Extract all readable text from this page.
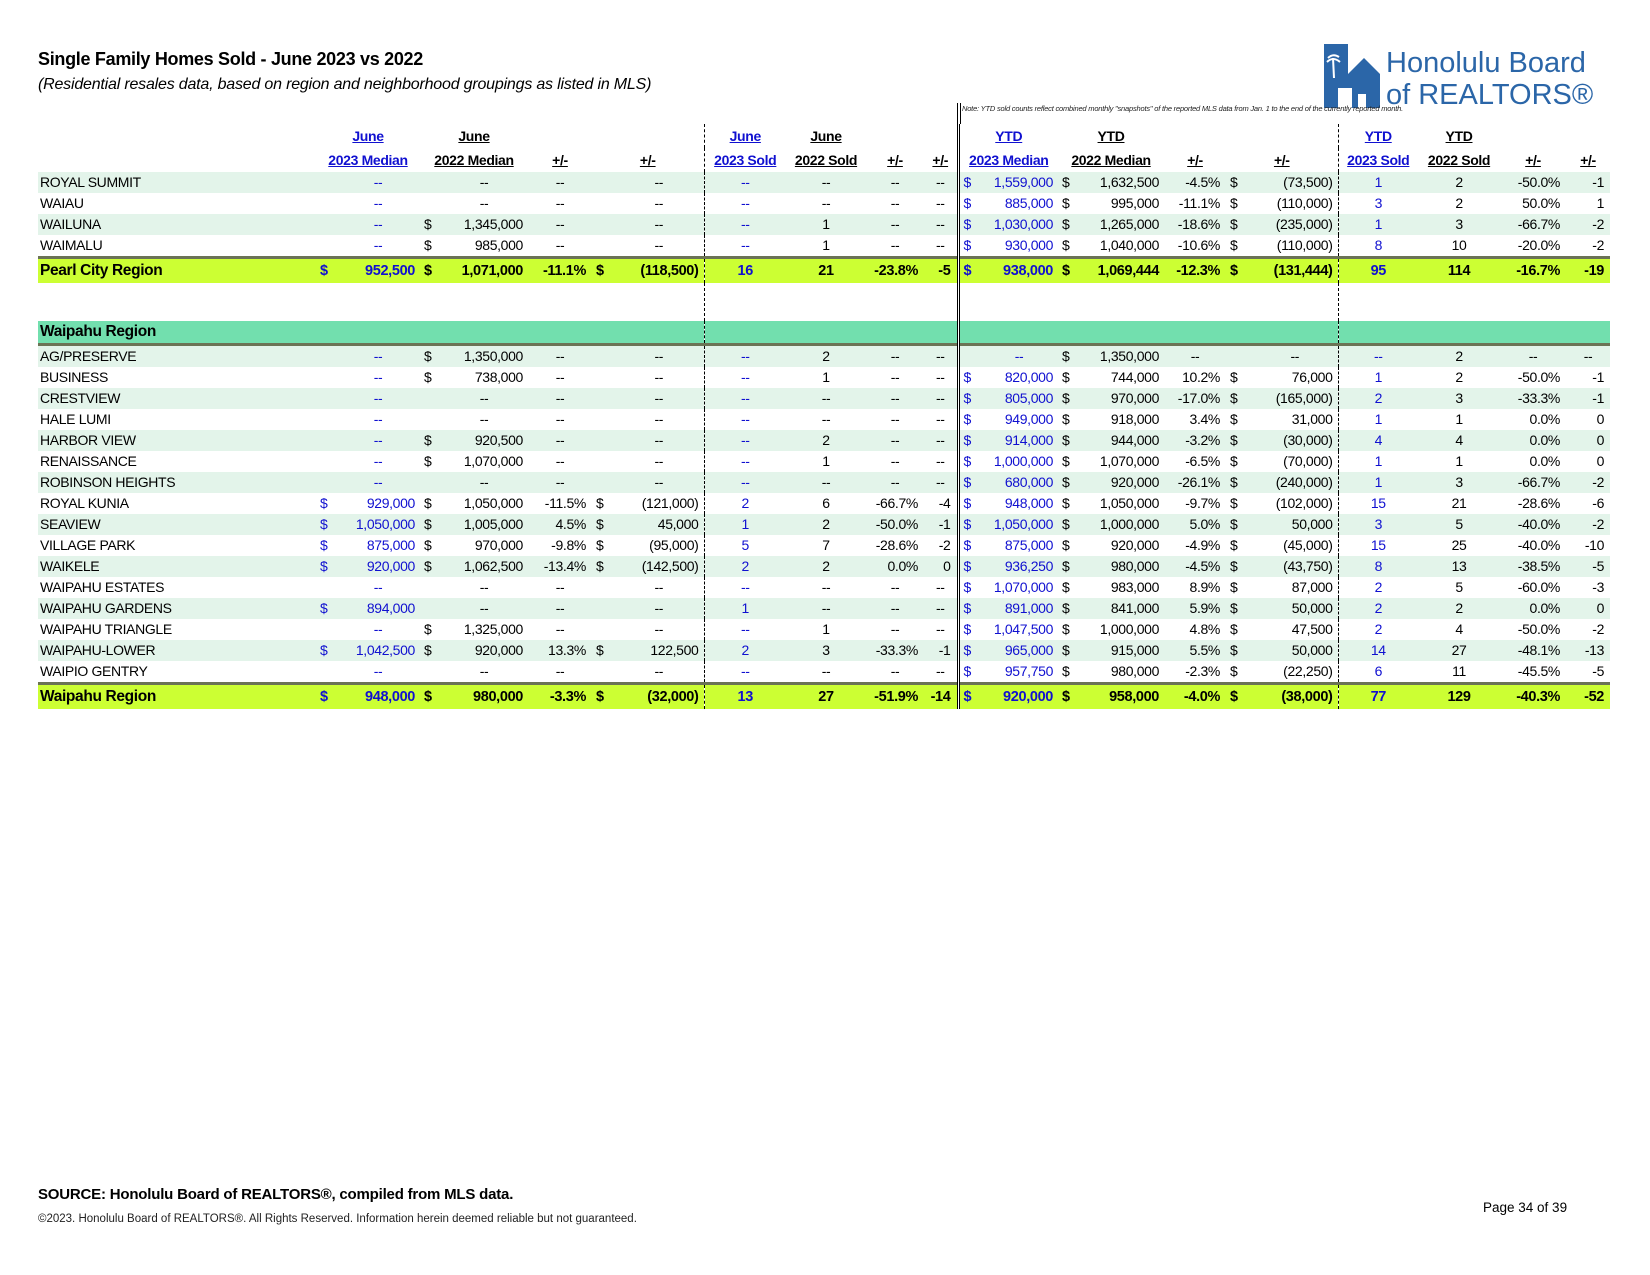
Single Family Homes Sold - June 2023 vs 2022
(Residential resales data, based on region and neighborhood groupings as listed in MLS)
Honolulu Board
of REALTORS®
Note: YTD sold counts reflect combined monthly "snapshots" of the reported MLS data from Jan. 1 to the end of the currently reported month.
	June		June					June	June			YTD		YTD					YTD	YTD		
	2023 Median		2022 Median		+/-	+/-		2023 Sold	2022 Sold	+/-	+/-	2023 Median		2022 Median		+/-	+/-		2023 Sold	2022 Sold	+/-	+/-
ROYAL SUMMIT		--		--	--		--	--	--	--	--	$	1,559,000	$	1,632,500	-4.5%	$	(73,500)	1	2	-50.0%	-1
WAIAU		--		--	--		--	--	--	--	--	$	885,000	$	995,000	-11.1%	$	(110,000)	3	2	50.0%	1
WAILUNA		--	$	1,345,000	--		--	--	1	--	--	$	1,030,000	$	1,265,000	-18.6%	$	(235,000)	1	3	-66.7%	-2
WAIMALU		--	$	985,000	--		--	--	1	--	--	$	930,000	$	1,040,000	-10.6%	$	(110,000)	8	10	-20.0%	-2
Pearl City Region	$	952,500	$	1,071,000	-11.1%	$	(118,500)	16	21	-23.8%	-5	$	938,000	$	1,069,444	-12.3%	$	(131,444)	95	114	-16.7%	-19

Waipahu Region																						
AG/PRESERVE		--	$	1,350,000	--		--	--	2	--	--		--	$	1,350,000	--		--	--	2	--	--
BUSINESS		--	$	738,000	--		--	--	1	--	--	$	820,000	$	744,000	10.2%	$	76,000	1	2	-50.0%	-1
CRESTVIEW		--		--	--		--	--	--	--	--	$	805,000	$	970,000	-17.0%	$	(165,000)	2	3	-33.3%	-1
HALE LUMI		--		--	--		--	--	--	--	--	$	949,000	$	918,000	3.4%	$	31,000	1	1	0.0%	0
HARBOR VIEW		--	$	920,500	--		--	--	2	--	--	$	914,000	$	944,000	-3.2%	$	(30,000)	4	4	0.0%	0
RENAISSANCE		--	$	1,070,000	--		--	--	1	--	--	$	1,000,000	$	1,070,000	-6.5%	$	(70,000)	1	1	0.0%	0
ROBINSON HEIGHTS		--		--	--		--	--	--	--	--	$	680,000	$	920,000	-26.1%	$	(240,000)	1	3	-66.7%	-2
ROYAL KUNIA	$	929,000	$	1,050,000	-11.5%	$	(121,000)	2	6	-66.7%	-4	$	948,000	$	1,050,000	-9.7%	$	(102,000)	15	21	-28.6%	-6
SEAVIEW	$	1,050,000	$	1,005,000	4.5%	$	45,000	1	2	-50.0%	-1	$	1,050,000	$	1,000,000	5.0%	$	50,000	3	5	-40.0%	-2
VILLAGE PARK	$	875,000	$	970,000	-9.8%	$	(95,000)	5	7	-28.6%	-2	$	875,000	$	920,000	-4.9%	$	(45,000)	15	25	-40.0%	-10
WAIKELE	$	920,000	$	1,062,500	-13.4%	$	(142,500)	2	2	0.0%	0	$	936,250	$	980,000	-4.5%	$	(43,750)	8	13	-38.5%	-5
WAIPAHU ESTATES		--		--	--		--	--	--	--	--	$	1,070,000	$	983,000	8.9%	$	87,000	2	5	-60.0%	-3
WAIPAHU GARDENS	$	894,000		--	--		--	1	--	--	--	$	891,000	$	841,000	5.9%	$	50,000	2	2	0.0%	0
WAIPAHU TRIANGLE		--	$	1,325,000	--		--	--	1	--	--	$	1,047,500	$	1,000,000	4.8%	$	47,500	2	4	-50.0%	-2
WAIPAHU-LOWER	$	1,042,500	$	920,000	13.3%	$	122,500	2	3	-33.3%	-1	$	965,000	$	915,000	5.5%	$	50,000	14	27	-48.1%	-13
WAIPIO GENTRY		--		--	--		--	--	--	--	--	$	957,750	$	980,000	-2.3%	$	(22,250)	6	11	-45.5%	-5
Waipahu Region	$	948,000	$	980,000	-3.3%	$	(32,000)	13	27	-51.9%	-14	$	920,000	$	958,000	-4.0%	$	(38,000)	77	129	-40.3%	-52
SOURCE: Honolulu Board of REALTORS®, compiled from MLS data.
©2023. Honolulu Board of REALTORS®. All Rights Reserved. Information herein deemed reliable but not guaranteed.
Page 34 of 39
